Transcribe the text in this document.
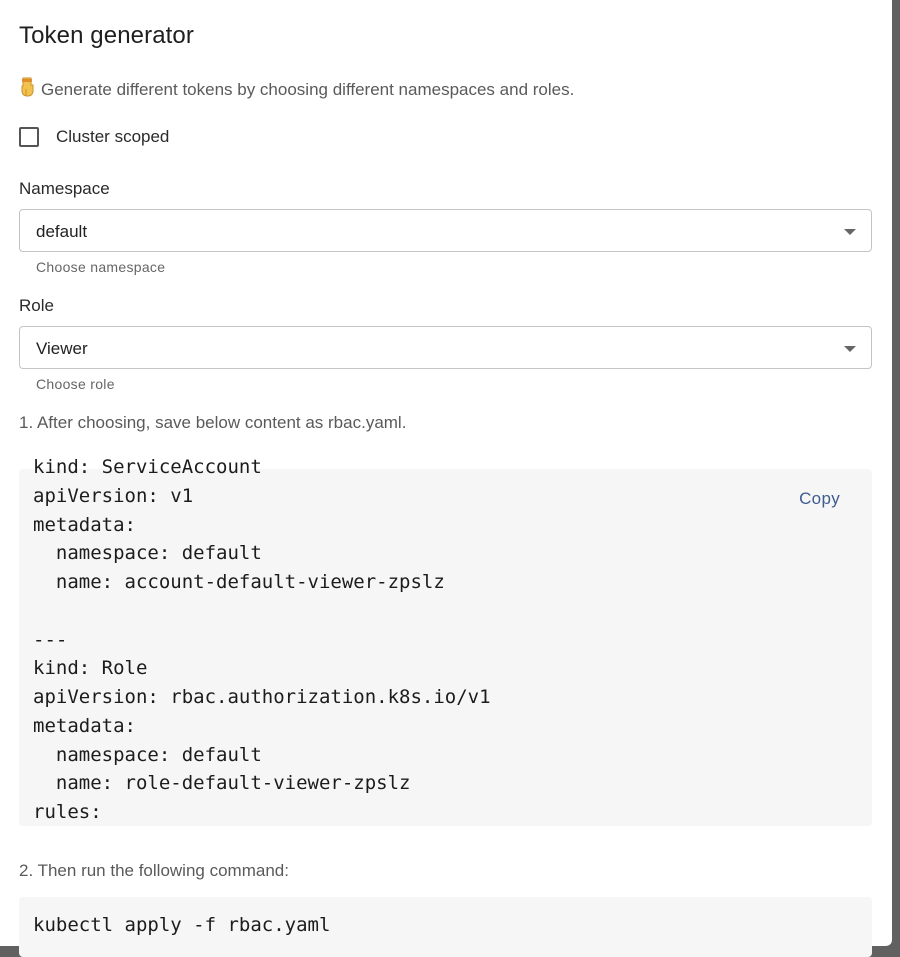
Token generator
Generate different tokens by choosing different namespaces and roles.
Cluster scoped
Namespace
default
Choose namespace
Role
Viewer
Choose role
1. After choosing, save below content as rbac.yaml.
kind: ServiceAccount
apiVersion: v1
metadata:
namespace: default
name: account-default-viewer-zpslz
---
kind: Role
apiVersion: rbac.authorization.k8s.io/v1
metadata:
namespace: default
name: role-default-viewer-zpslz
rules:
Copy
2. Then run the following command:
kubectl apply -f rbac.yaml
